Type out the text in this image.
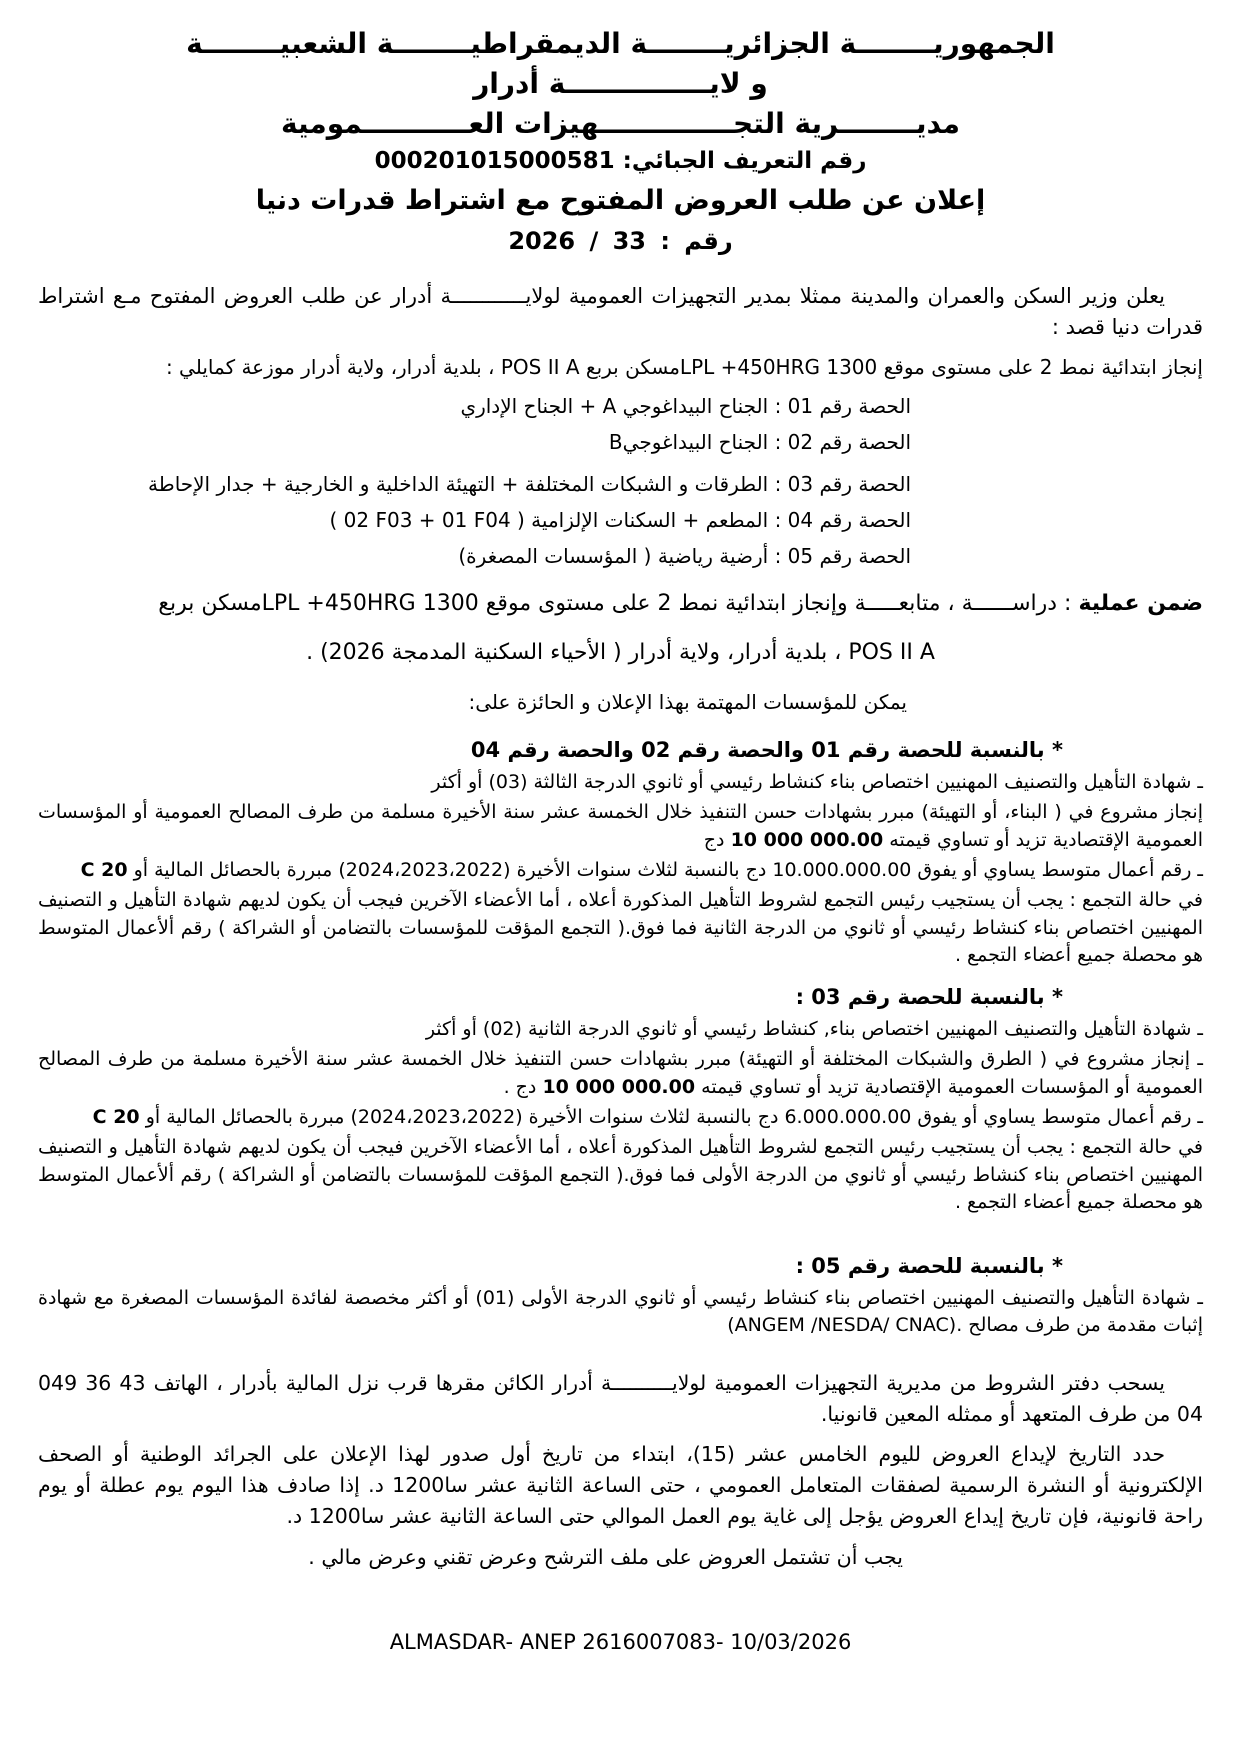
الجمهوريــــــــة الجزائريــــــــة الديمقراطيــــــــة الشعبيــــــــة
و لايـــــــــــــــة أدرار
مديــــــــرية التجــــــــــــــهيزات العـــــــــــمومية
رقم التعريف الجبائي: 000201015000581
إعلان عن طلب العروض المفتوح مع اشتراط قدرات دنيا
رقم : 33 / 2026

يعلن وزير السكن والعمران والمدينة ممثلا بمدير التجهيزات العمومية لولايــــــــــــة أدرار عن طلب العروض المفتوح مـع اشتراط قدرات دنيا قصد :

إنجاز ابتدائية نمط 2 على مستوى موقع 1300 LPL +450HRGمسكن بربع POS II A ، بلدية أدرار، ولاية أدرار موزعة كمايلي :
الحصة رقم 01 : الجناح البيداغوجي A + الجناح الإداري
الحصة رقم 02 : الجناح البيداغوجيB
الحصة رقم 03 : الطرقات و الشبكات المختلفة + التهيئة الداخلية و الخارجية + جدار الإحاطة
الحصة رقم 04 : المطعم + السكنات الإلزامية ( 02 F03 + 01 F04 )
الحصة رقم 05 : أرضية رياضية ( المؤسسات المصغرة)
ضمن عملية : دراســــــة ، متابعـــــة وإنجاز ابتدائية نمط 2 على مستوى موقع 1300 LPL +450HRGمسكن بربع
POS II A ، بلدية أدرار، ولاية أدرار ( الأحياء السكنية المدمجة 2026) .
يمكن للمؤسسات المهتمة بهذا الإعلان و الحائزة على:
* بالنسبة للحصة رقم 01 والحصة رقم 02 والحصة رقم 04

ـ شهادة التأهيل والتصنيف المهنيين اختصاص بناء كنشاط رئيسي أو ثانوي الدرجة الثالثة (03) أو أكثر

إنجاز مشروع في ( البناء، أو التهيئة) مبرر بشهادات حسن التنفيذ خلال الخمسة عشر سنة الأخيرة مسلمة من طرف المصالح العمومية أو المؤسسات العمومية الإقتصادية تزيد أو تساوي قيمته 10 000 000.00 دج

ـ رقم أعمال متوسط يساوي أو يفوق 10.000.000.00 دج بالنسبة لثلاث سنوات الأخيرة (2024،2023،2022) مبررة بالحصائل المالية أو C 20

في حالة التجمع : يجب أن يستجيب رئيس التجمع لشروط التأهيل المذكورة أعلاه ، أما الأعضاء الآخرين فيجب أن يكون لديهم شهادة التأهيل و التصنيف المهنيين اختصاص بناء كنشاط رئيسي أو ثانوي من الدرجة الثانية فما فوق.( التجمع المؤقت للمؤسسات بالتضامن أو الشراكة ) رقم ألأعمال المتوسط هو محصلة جميع أعضاء التجمع .

* بالنسبة للحصة رقم 03 :

ـ شهادة التأهيل والتصنيف المهنيين اختصاص بناء, كنشاط رئيسي أو ثانوي الدرجة الثانية (02) أو أكثر

ـ إنجاز مشروع في ( الطرق والشبكات المختلفة أو التهيئة) مبرر بشهادات حسن التنفيذ خلال الخمسة عشر سنة الأخيرة مسلمة من طرف المصالح العمومية أو المؤسسات العمومية الإقتصادية تزيد أو تساوي قيمته 10 000 000.00 دج .

ـ رقم أعمال متوسط يساوي أو يفوق 6.000.000.00 دج بالنسبة لثلاث سنوات الأخيرة (2024،2023،2022) مبررة بالحصائل المالية أو C 20

في حالة التجمع : يجب أن يستجيب رئيس التجمع لشروط التأهيل المذكورة أعلاه ، أما الأعضاء الآخرين فيجب أن يكون لديهم شهادة التأهيل و التصنيف المهنيين اختصاص بناء كنشاط رئيسي أو ثانوي من الدرجة الأولى فما فوق.( التجمع المؤقت للمؤسسات بالتضامن أو الشراكة ) رقم ألأعمال المتوسط هو محصلة جميع أعضاء التجمع .

* بالنسبة للحصة رقم 05 :

ـ شهادة التأهيل والتصنيف المهنيين اختصاص بناء كنشاط رئيسي أو ثانوي الدرجة الأولى (01) أو أكثر مخصصة لفائدة المؤسسات المصغرة مع شهادة إثبات مقدمة من طرف مصالح .(ANGEM /NESDA/ CNAC)

يسحب دفتر الشروط من مديرية التجهيزات العمومية لولايــــــــــة أدرار الكائن مقرها قرب نزل المالية بأدرار ، الهاتف 049 36 43 04 من طرف المتعهد أو ممثله المعين قانونيا.

حدد التاريخ لإيداع العروض لليوم الخامس عشر (15)، ابتداء من تاريخ أول صدور لهذا الإعلان على الجرائد الوطنية أو الصحف الإلكترونية أو النشرة الرسمية لصفقات المتعامل العمومي ، حتى الساعة الثانية عشر 12سا00 د. إذا صادف هذا اليوم يوم عطلة أو يوم راحة قانونية، فإن تاريخ إيداع العروض يؤجل إلى غاية يوم العمل الموالي حتى الساعة الثانية عشر 12سا00 د.

يجب أن تشتمل العروض على ملف الترشح وعرض تقني وعرض مالي .
ALMASDAR- ANEP 2616007083- 10/03/2026
